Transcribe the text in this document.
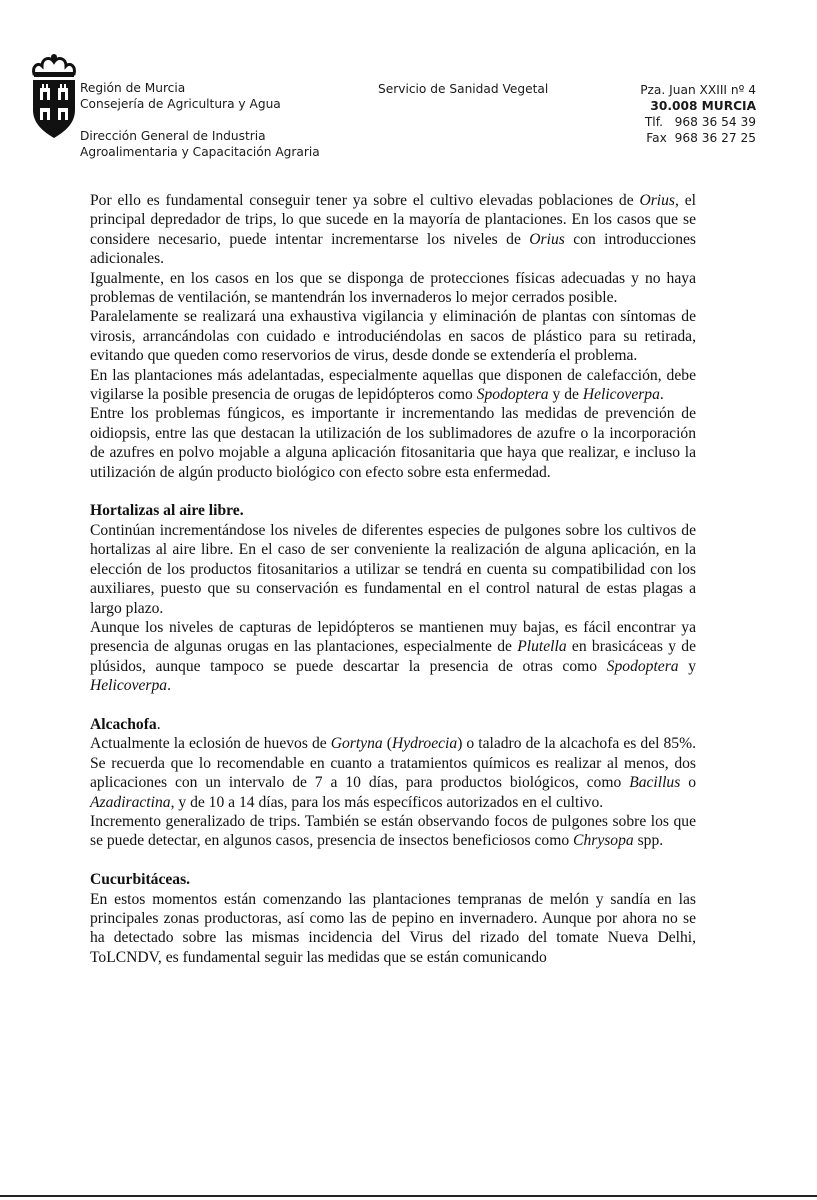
Región de Murcia
Consejería de Agricultura y Agua
Dirección General de Industria
Agroalimentaria y Capacitación Agraria
Servicio de Sanidad Vegetal	Pza. Juan XXIII nº 4
30.008 MURCIA
Tlf.   968 36 54 39
Fax  968 36 27 25

Por ello es fundamental conseguir tener ya sobre el cultivo elevadas poblaciones de Orius, el principal depredador de trips, lo que sucede en la mayoría de plantaciones. En los casos que se considere necesario, puede intentar incrementarse los niveles de Orius con introducciones adicionales.

Igualmente, en los casos en los que se disponga de protecciones físicas adecuadas y no haya problemas de ventilación, se mantendrán los invernaderos lo mejor cerrados posible.

Paralelamente se realizará una exhaustiva vigilancia y eliminación de plantas con síntomas de virosis, arrancándolas con cuidado e introduciéndolas en sacos de plástico para su retirada, evitando que queden como reservorios de virus, desde donde se extendería el problema.

En las plantaciones más adelantadas, especialmente aquellas que disponen de calefacción, debe vigilarse la posible presencia de orugas de lepidópteros como Spodoptera y de Helicoverpa.

Entre los problemas fúngicos, es importante ir incrementando las medidas de prevención de oidiopsis, entre las que destacan la utilización de los sublimadores de azufre o la incorporación de azufres en polvo mojable a alguna aplicación fitosanitaria que haya que realizar, e incluso la utilización de algún producto biológico con efecto sobre esta enfermedad.

Hortalizas al aire libre.

Continúan incrementándose los niveles de diferentes especies de pulgones sobre los cultivos de hortalizas al aire libre. En el caso de ser conveniente la realización de alguna aplicación, en la elección de los productos fitosanitarios a utilizar se tendrá en cuenta su compatibilidad con los auxiliares, puesto que su conservación es fundamental en el control natural de estas plagas a largo plazo.

Aunque los niveles de capturas de lepidópteros se mantienen muy bajas, es fácil encontrar ya presencia de algunas orugas en las plantaciones, especialmente de Plutella en brasicáceas y de plúsidos, aunque tampoco se puede descartar la presencia de otras como Spodoptera y Helicoverpa.

Alcachofa.

Actualmente la eclosión de huevos de Gortyna (Hydroecia) o taladro de la alcachofa es del 85%. Se recuerda que lo recomendable en cuanto a tratamientos químicos es realizar al menos, dos aplicaciones con un intervalo de 7 a 10 días, para productos biológicos, como Bacillus o Azadiractina, y de 10 a 14 días, para los más específicos autorizados en el cultivo.

Incremento generalizado de trips. También se están observando focos de pulgones sobre los que se puede detectar, en algunos casos, presencia de insectos beneficiosos como Chrysopa spp.

Cucurbitáceas.

En estos momentos están comenzando las plantaciones tempranas de melón y sandía en las principales zonas productoras, así como las de pepino en invernadero. Aunque por ahora no se ha detectado sobre las mismas incidencia del Virus del rizado del tomate Nueva Delhi, ToLCNDV, es fundamental seguir las medidas que se están comunicando
